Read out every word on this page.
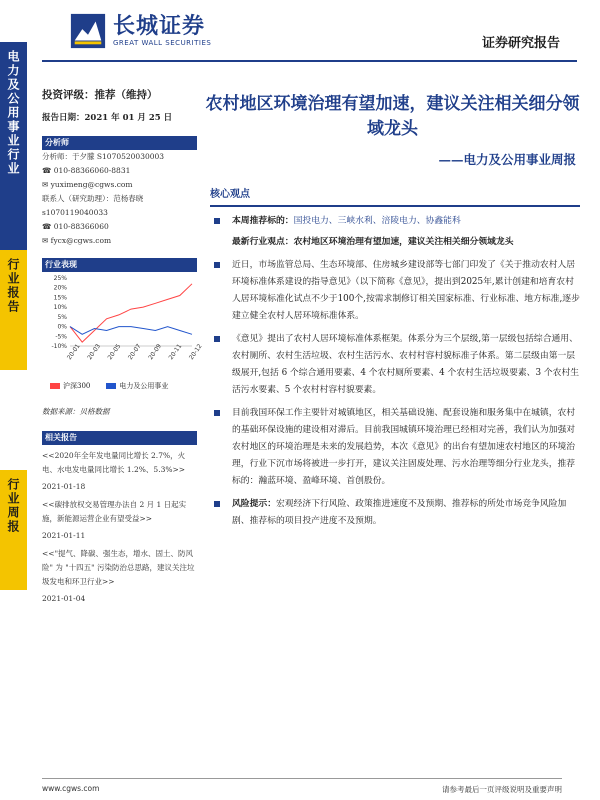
电力及公用事业行业
行业报告
行业周报
长城证券
GREAT WALL SECURITIES	证券研究报告
投资评级：推荐（维持）
报告日期：2021 年 01 月 25 日
分析师
分析师：于夕朦 S1070520030003
☎ 010-88366060-8831
✉ yuximeng@cgws.com
联系人（研究助理）：范杨春晓
s1070119040033
☎ 010-88366060
✉ fycx@cgws.com
行业表现
25%
20%
15%
10%
5%
0%
-5%
-10%
20-01 20-03 20-05 20-07 20-09 20-11 20-12
沪深300	电力及公用事业
数据来源：贝格数据
相关报告
<<2020年全年发电量同比增长 2.7%，火电、水电发电量同比增长 1.2%、5.3%>>
2021-01-18
<<碳排放权交易管理办法自 2 月 1 日起实施，新能源运营企业有望受益>>
2021-01-11
<<"提气、降碳、强生态，增水、固土、防风险" 为 "十四五" 污染防治总思路，建议关注垃圾发电和环卫行业>>
2021-01-04
农村地区环境治理有望加速，建议关注相关细分领域龙头
——电力及公用事业周报
核心观点
本周推荐标的：国投电力、三峡水利、涪陵电力、协鑫能科
最新行业观点：农村地区环境治理有望加速，建议关注相关细分领域龙头
近日，市场监管总局、生态环境部、住房城乡建设部等七部门印发了《关于推动农村人居环境标准体系建设的指导意见》（以下简称《意见》，提出到2025年,累计创建和培育农村人居环境标准化试点不少于100个,按需求制修订相关国家标准、行业标准、地方标准,逐步建立健全农村人居环境标准体系。
《意见》提出了农村人居环境标准体系框架。体系分为三个层级,第一层级包括综合通用、农村厕所、农村生活垃圾、农村生活污水、农村村容村貌标准子体系。第二层级由第一层级展开,包括 6 个综合通用要素、4 个农村厕所要素、4 个农村生活垃圾要素、3 个农村生活污水要素、5 个农村村容村貌要素。
目前我国环保工作主要针对城镇地区，相关基础设施、配套设施和服务集中在城镇，农村的基础环保设施的建设相对滞后。目前我国城镇环境治理已经相对完善，我们认为加强对农村地区的环境治理是未来的发展趋势，本次《意见》的出台有望加速农村地区的环境治理，行业下沉市场将被进一步打开，建议关注固废处理、污水治理等细分行业龙头，推荐标的：瀚蓝环境、盈峰环境、首创股份。
风险提示：宏观经济下行风险、政策推进速度不及预期、推荐标的所处市场竞争风险加剧、推荐标的项目投产进度不及预期。
www.cgws.com	请参考最后一页评级说明及重要声明
